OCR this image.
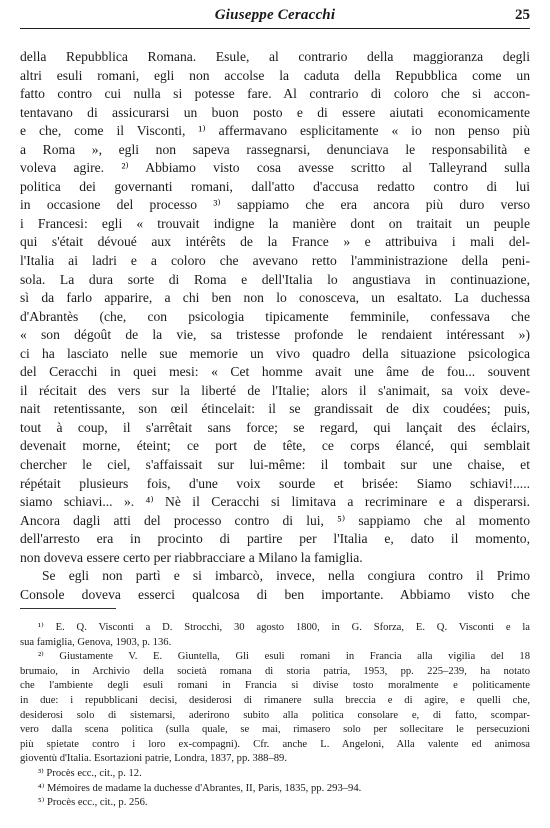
Giuseppe Ceracchi	25
della Repubblica Romana. Esule, al contrario della maggioranza degli
altri esuli romani, egli non accolse la caduta della Repubblica come un
fatto contro cui nulla si potesse fare. Al contrario di coloro che si accon-
tentavano di assicurarsi un buon posto e di essere aiutati economicamente
e che, come il Visconti, ¹⁾ affermavano esplicitamente « io non penso più
a Roma », egli non sapeva rassegnarsi, denunciava le responsabilità e
voleva agire. ²⁾ Abbiamo visto cosa avesse scritto al Talleyrand sulla
politica dei governanti romani, dall'atto d'accusa redatto contro di lui
in occasione del processo ³⁾ sappiamo che era ancora più duro verso
i Francesi: egli « trouvait indigne la manière dont on traitait un peuple
qui s'était dévoué aux intérêts de la France » e attribuiva i mali del-
l'Italia ai ladri e a coloro che avevano retto l'amministrazione della peni-
sola. La dura sorte di Roma e dell'Italia lo angustiava in continuazione,
sì da farlo apparire, a chi ben non lo conosceva, un esaltato. La duchessa
d'Abrantès (che, con psicologia tipicamente femminile, confessava che
« son dégoût de la vie, sa tristesse profonde le rendaient intéressant »)
ci ha lasciato nelle sue memorie un vivo quadro della situazione psicologica
del Ceracchi in quei mesi: « Cet homme avait une âme de fou... souvent
il récitait des vers sur la liberté de l'Italie; alors il s'animait, sa voix deve-
nait retentissante, son œil étincelait: il se grandissait de dix coudées; puis,
tout à coup, il s'arrêtait sans force; se regard, qui lançait des éclairs,
devenait morne, éteint; ce port de tête, ce corps élancé, qui semblait
chercher le ciel, s'affaissait sur lui-même: il tombait sur une chaise, et
répétait plusieurs fois, d'une voix sourde et brisée: Siamo schiavi!.....
siamo schiavi... ». ⁴⁾ Nè il Ceracchi si limitava a recriminare e a disperarsi.
Ancora dagli atti del processo contro di lui, ⁵⁾ sappiamo che al momento
dell'arresto era in procinto di partire per l'Italia e, dato il momento,
non doveva essere certo per riabbracciare a Milano la famiglia.
Se egli non partì e si imbarcò, invece, nella congiura contro il Primo
Console doveva esserci qualcosa di ben importante. Abbiamo visto che
¹⁾ E. Q. Visconti a D. Strocchi, 30 agosto 1800, in G. Sforza, E. Q. Visconti e la
sua famiglia, Genova, 1903, p. 136.
²⁾ Giustamente V. E. Giuntella, Gli esuli romani in Francia alla vigilia del 18
brumaio, in Archivio della società romana di storia patria, 1953, pp. 225–239, ha notato
che l'ambiente degli esuli romani in Francia si divise tosto moralmente e politicamente
in due: i repubblicani decisi, desiderosi di rimanere sulla breccia e di agire, e quelli che,
desiderosi solo di sistemarsi, aderirono subito alla politica consolare e, di fatto, scompar-
vero dalla scena politica (sulla quale, se mai, rimasero solo per sollecitare le persecuzioni
più spietate contro i loro ex-compagni). Cfr. anche L. Angeloni, Alla valente ed animosa
gioventù d'Italia. Esortazioni patrie, Londra, 1837, pp. 388–89.
³⁾ Procès ecc., cit., p. 12.
⁴⁾ Mémoires de madame la duchesse d'Abrantes, II, Paris, 1835, pp. 293–94.
⁵⁾ Procès ecc., cit., p. 256.
